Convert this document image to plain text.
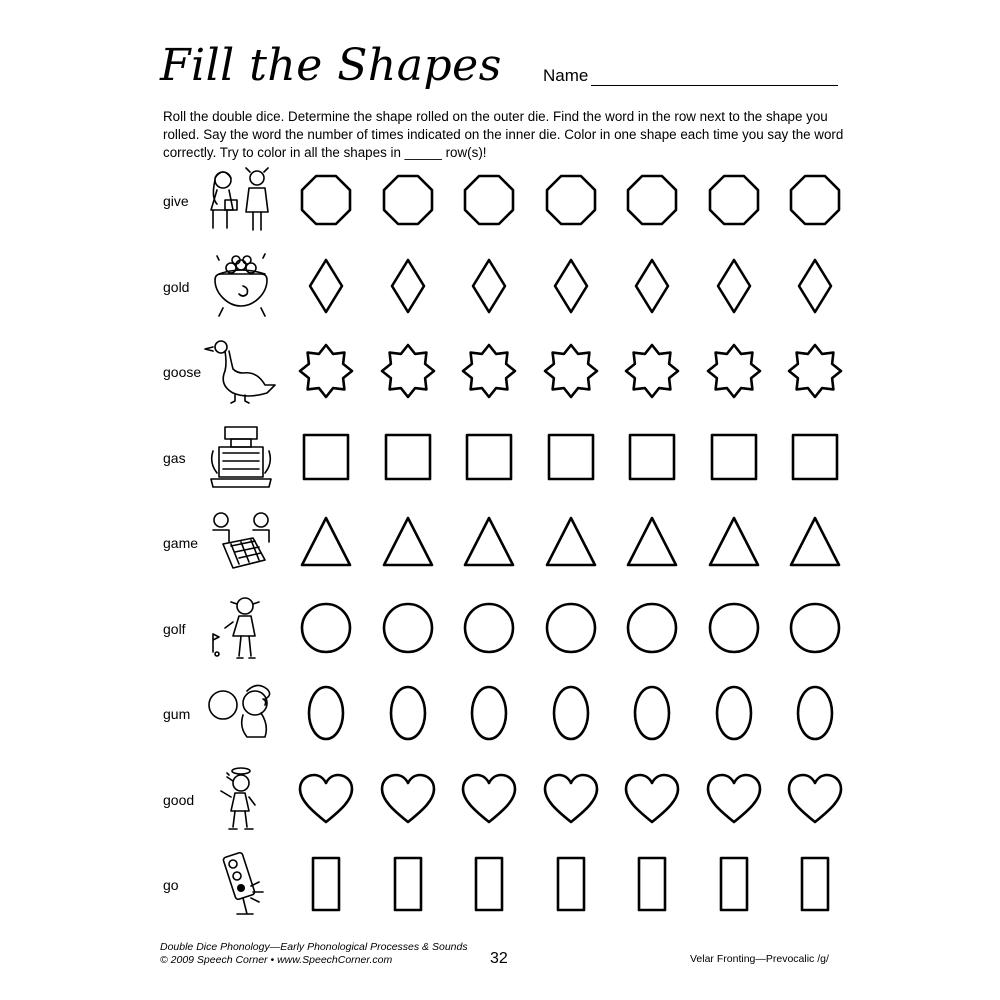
Fill the Shapes Name
Roll the double dice. Determine the shape rolled on the outer die. Find the word in the row next to the shape you rolled. Say the word the number of times indicated on the inner die. Color in one shape each time you say the word correctly. Try to color in all the shapes in _____ row(s)!
give
gold
goose
gas
game
golf
gum
good
go
Double Dice Phonology—Early Phonological Processes & Sounds
© 2009 Speech Corner • www.SpeechCorner.com	32	Velar Fronting—Prevocalic /g/
